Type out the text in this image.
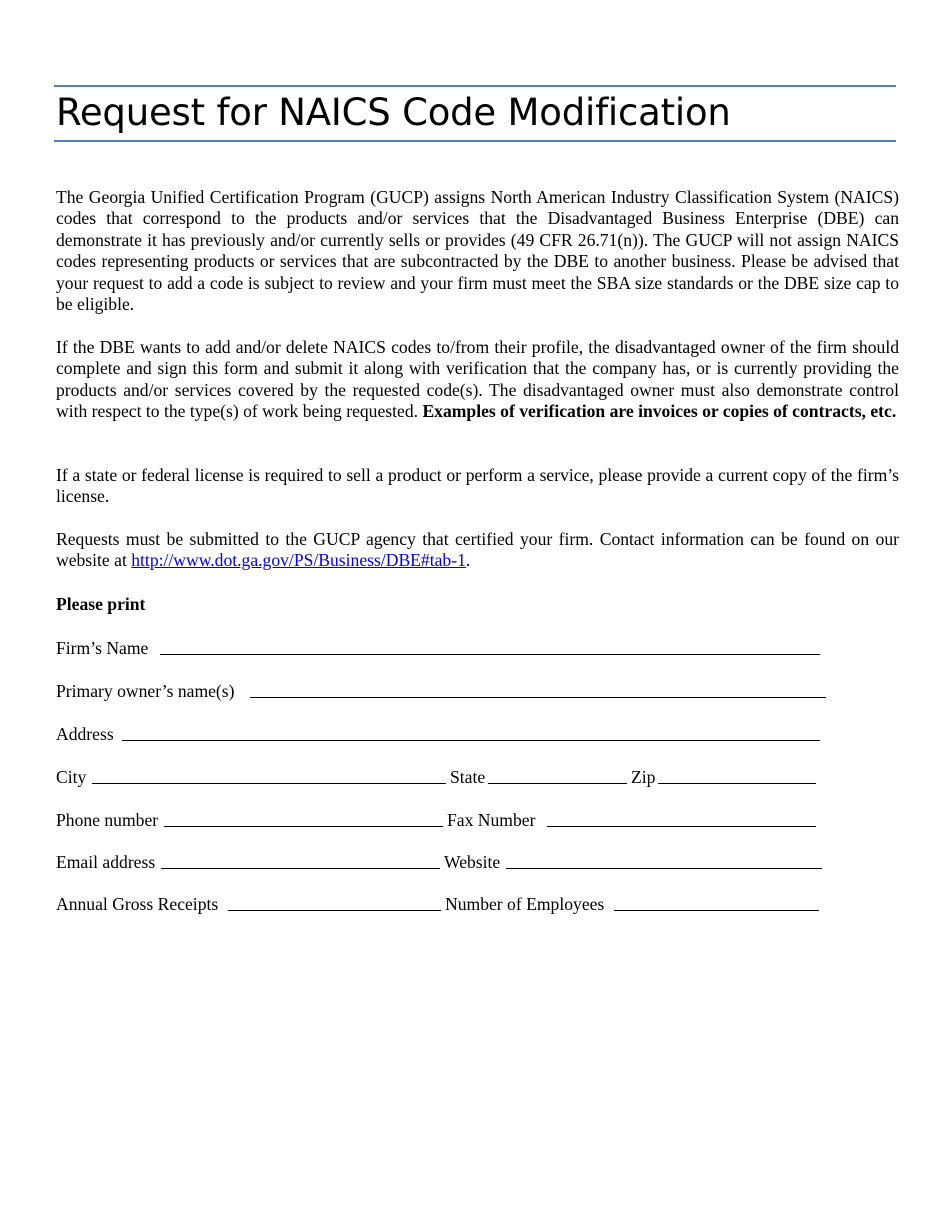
Request for NAICS Code Modification

The Georgia Unified Certification Program (GUCP) assigns North American Industry Classification System (NAICS) codes that correspond to the products and/or services that the Disadvantaged Business Enterprise (DBE) can demonstrate it has previously and/or currently sells or provides (49 CFR 26.71(n)). The GUCP will not assign NAICS codes representing products or services that are subcontracted by the DBE to another business. Please be advised that your request to add a code is subject to review and your firm must meet the SBA size standards or the DBE size cap to be eligible.

If the DBE wants to add and/or delete NAICS codes to/from their profile, the disadvantaged owner of the firm should complete and sign this form and submit it along with verification that the company has, or is currently providing the products and/or services covered by the requested code(s). The disadvantaged owner must also demonstrate control with respect to the type(s) of work being requested. Examples of verification are invoices or copies of contracts, etc.

If a state or federal license is required to sell a product or perform a service, please provide a current copy of the firm’s license.

Requests must be submitted to the GUCP agency that certified your firm. Contact information can be found on our website at http://www.dot.ga.gov/PS/Business/DBE#tab-1.

Please print

Firm’s Name
Primary owner’s name(s)
Address
City	State	Zip
Phone number	Fax Number
Email address	Website
Annual Gross Receipts	Number of Employees
